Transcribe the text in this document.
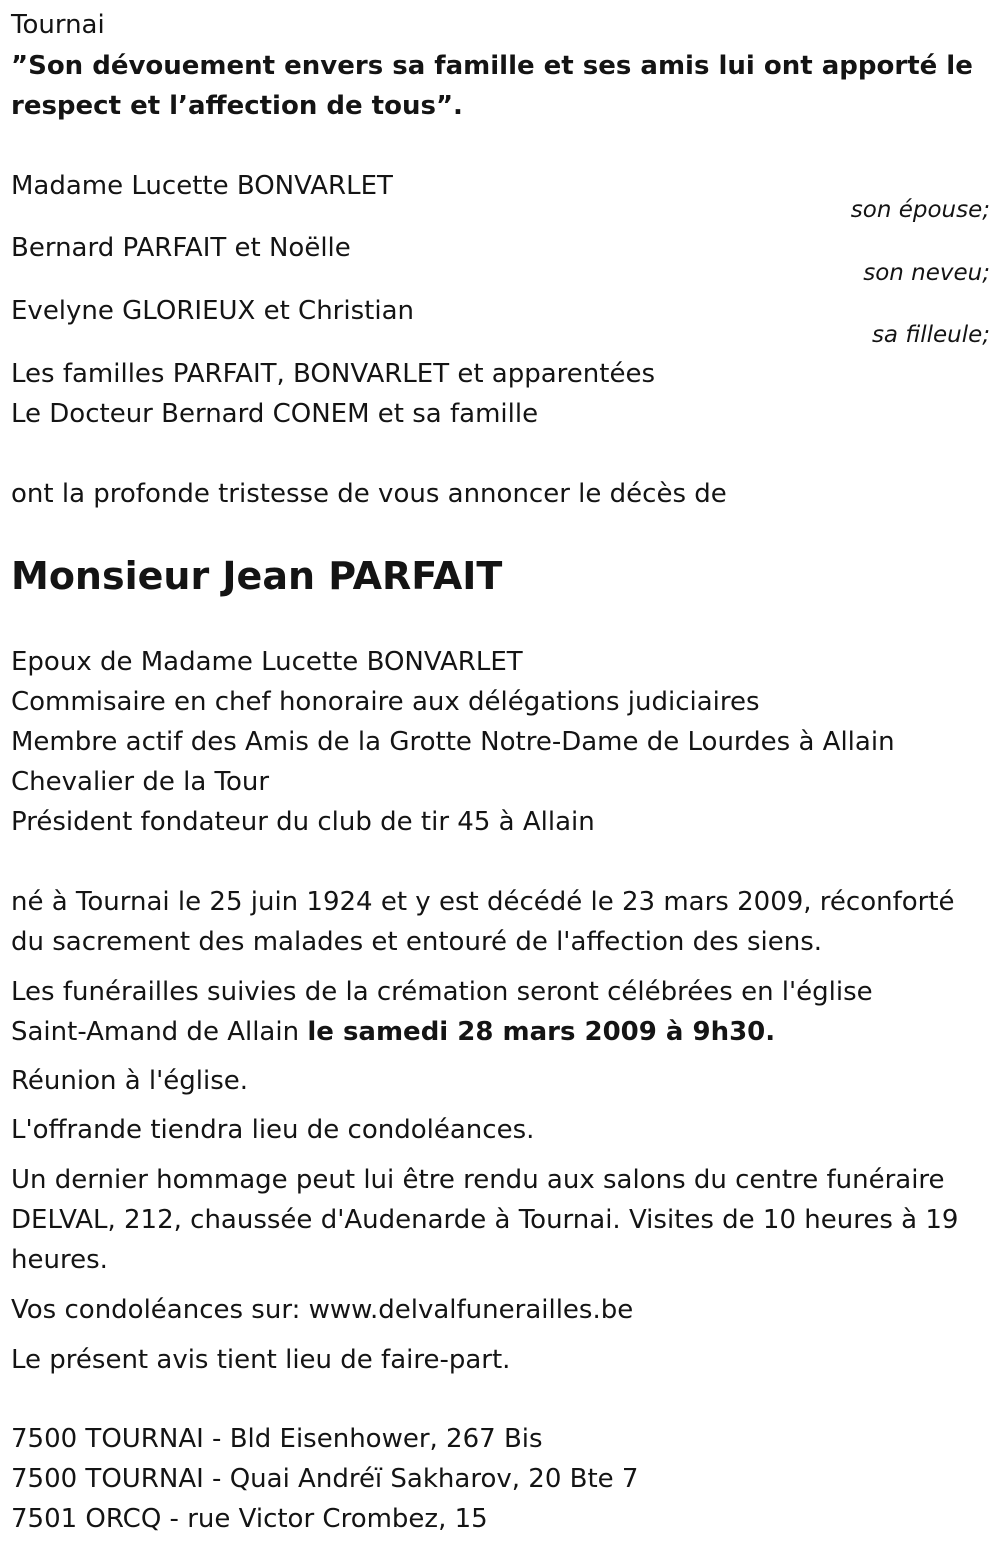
Tournai
”Son dévouement envers sa famille et ses amis lui ont apporté le
respect et l’affection de tous”.
Madame Lucette BONVARLET
son épouse;
Bernard PARFAIT et Noëlle
son neveu;
Evelyne GLORIEUX et Christian
sa filleule;
Les familles PARFAIT, BONVARLET et apparentées
Le Docteur Bernard CONEM et sa famille
ont la profonde tristesse de vous annoncer le décès de
Monsieur Jean PARFAIT
Epoux de Madame Lucette BONVARLET
Commisaire en chef honoraire aux délégations judiciaires
Membre actif des Amis de la Grotte Notre-Dame de Lourdes à Allain
Chevalier de la Tour
Président fondateur du club de tir 45 à Allain
né à Tournai le 25 juin 1924 et y est décédé le 23 mars 2009, réconforté
du sacrement des malades et entouré de l'affection des siens.
Les funérailles suivies de la crémation seront célébrées en l'église
Saint-Amand de Allain le samedi 28 mars 2009 à 9h30.
Réunion à l'église.
L'offrande tiendra lieu de condoléances.
Un dernier hommage peut lui être rendu aux salons du centre funéraire
DELVAL, 212, chaussée d'Audenarde à Tournai. Visites de 10 heures à 19
heures.
Vos condoléances sur: www.delvalfunerailles.be
Le présent avis tient lieu de faire-part.
7500 TOURNAI - Bld Eisenhower, 267 Bis
7500 TOURNAI - Quai Andréï Sakharov, 20 Bte 7
7501 ORCQ - rue Victor Crombez, 15
